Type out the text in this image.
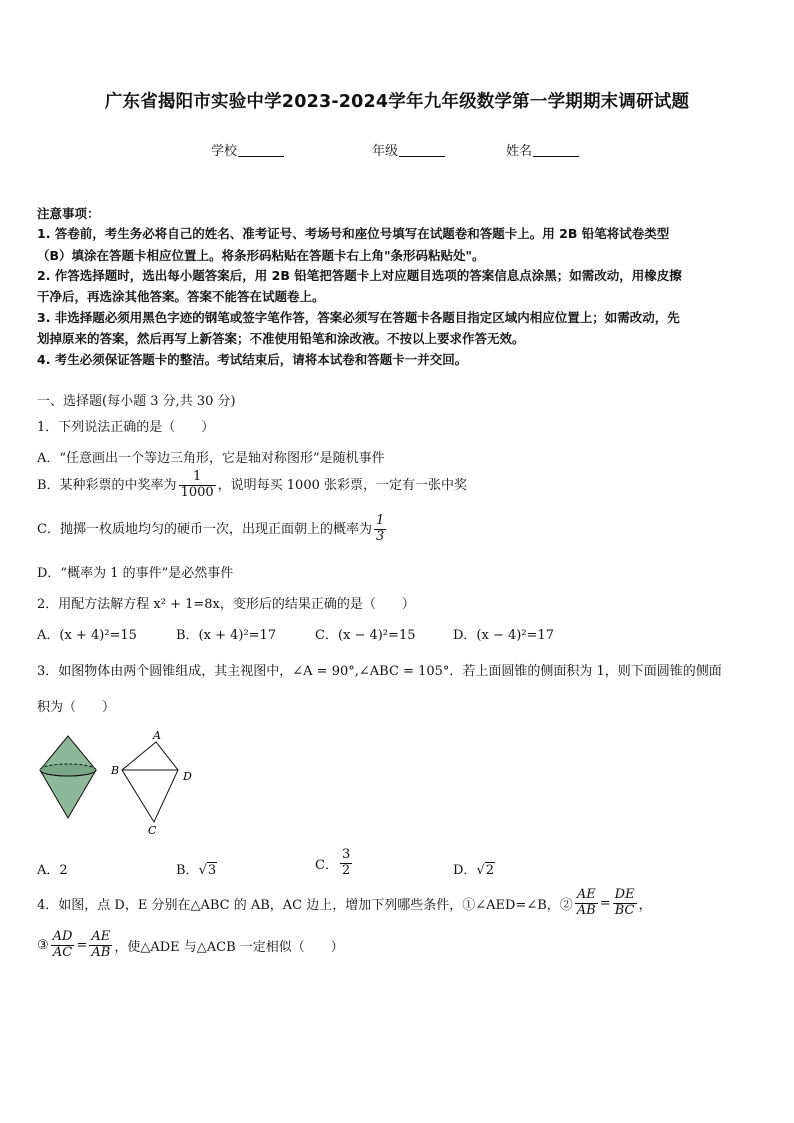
广东省揭阳市实验中学2023-2024学年九年级数学第一学期期末调研试题
学校	年级	姓名
注意事项：
1. 答卷前，考生务必将自己的姓名、准考证号、考场号和座位号填写在试题卷和答题卡上。用 2B 铅笔将试卷类型
（B）填涂在答题卡相应位置上。将条形码粘贴在答题卡右上角"条形码粘贴处"。
2. 作答选择题时，选出每小题答案后，用 2B 铅笔把答题卡上对应题目选项的答案信息点涂黑；如需改动，用橡皮擦
干净后，再选涂其他答案。答案不能答在试题卷上。
3. 非选择题必须用黑色字迹的钢笔或签字笔作答，答案必须写在答题卡各题目指定区域内相应位置上；如需改动，先
划掉原来的答案，然后再写上新答案；不准使用铅笔和涂改液。不按以上要求作答无效。
4. 考生必须保证答题卡的整洁。考试结束后，请将本试卷和答题卡一并交回。
一、选择题(每小题 3 分,共 30 分)
1．下列说法正确的是（　　）
A．“任意画出一个等边三角形，它是轴对称图形”是随机事件
B．某种彩票的中奖率为 $\frac{1}{1000}$ ，说明每买 1000 张彩票，一定有一张中奖
C．抛掷一枚质地均匀的硬币一次，出现正面朝上的概率为 $\frac{1}{3}$
D．“概率为 1 的事件”是必然事件
2．用配方法解方程 x² + 1=8x，变形后的结果正确的是（　　）
A．(x + 4)²=15	B．(x + 4)²=17	C．(x − 4)²=15	D．(x − 4)²=17
3．如图物体由两个圆锥组成，其主视图中，∠A = 90°,∠ABC = 105°．若上面圆锥的侧面积为 1，则下面圆锥的侧面
积为（　　）
A
B	D
C
A．2	B．√3	C． $\frac{3}{2}$	D．√2
4．如图，点 D，E 分别在△ABC 的 AB，AC 边上，增加下列哪些条件，①∠AED=∠B，② $\frac{AE}{AB} = \frac{DE}{BC}$ ，
③ $\frac{AD}{AC} = \frac{AE}{AB}$ ，使△ADE 与△ACB 一定相似（　　）
